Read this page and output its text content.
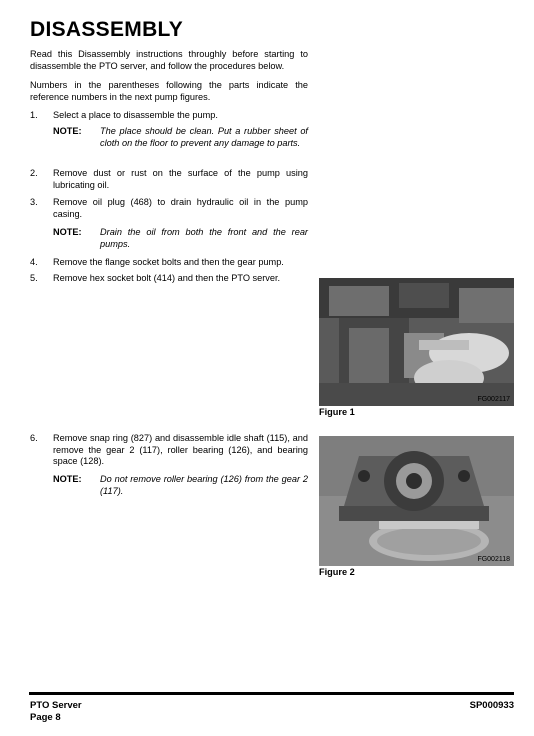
DISASSEMBLY

Read this Disassembly instructions throughly before starting to disassemble the PTO server, and follow the procedures below.

Numbers in the parentheses following the parts indicate the reference numbers in the next pump figures.

1. Select a place to disassemble the pump.
NOTE: The place should be clean. Put a rubber sheet of cloth on the floor to prevent any damage to parts.
2. Remove dust or rust on the surface of the pump using lubricating oil.
3. Remove oil plug (468) to drain hydraulic oil in the pump casing.
NOTE: Drain the oil from both the front and the rear pumps.
4. Remove the flange socket bolts and then the gear pump.
5. Remove hex socket bolt (414) and then the PTO server.
FG002117
Figure 1
6. Remove snap ring (827) and disassemble idle shaft (115), and remove the gear 2 (117), roller bearing (126), and bearing space (128).
NOTE: Do not remove roller bearing (126) from the gear 2 (117).
FG002118
Figure 2
PTO Server
Page 8
SP000933
